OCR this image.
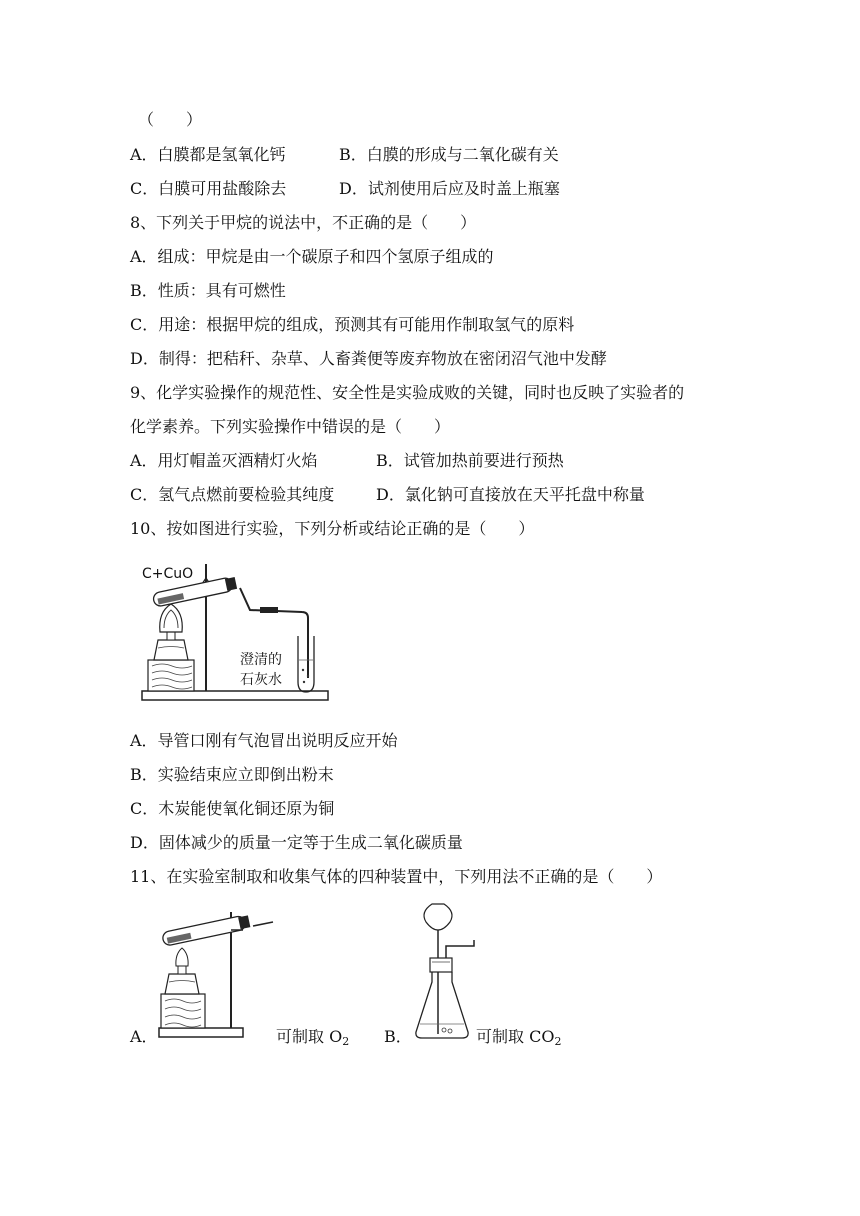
（　　）
A．白膜都是氢氧化钙	B．白膜的形成与二氧化碳有关
C．白膜可用盐酸除去	D．试剂使用后应及时盖上瓶塞
8、下列关于甲烷的说法中，不正确的是（　　）
A．组成：甲烷是由一个碳原子和四个氢原子组成的
B．性质：具有可燃性
C．用途：根据甲烷的组成，预测其有可能用作制取氢气的原料
D．制得：把秸秆、杂草、人畜粪便等废弃物放在密闭沼气池中发酵
9、化学实验操作的规范性、安全性是实验成败的关键，同时也反映了实验者的
化学素养。下列实验操作中错误的是（　　）
A．用灯帽盖灭酒精灯火焰	B．试管加热前要进行预热
C．氢气点燃前要检验其纯度	D．氯化钠可直接放在天平托盘中称量
10、按如图进行实验，下列分析或结论正确的是（　　）
C+CuO
澄清的
石灰水
A．导管口刚有气泡冒出说明反应开始
B．实验结束应立即倒出粉末
C．木炭能使氧化铜还原为铜
D．固体减少的质量一定等于生成二氧化碳质量
11、在实验室制取和收集气体的四种装置中，下列用法不正确的是（　　）
A．	可制取 $O_2$ B．	可制取 $CO_2$
